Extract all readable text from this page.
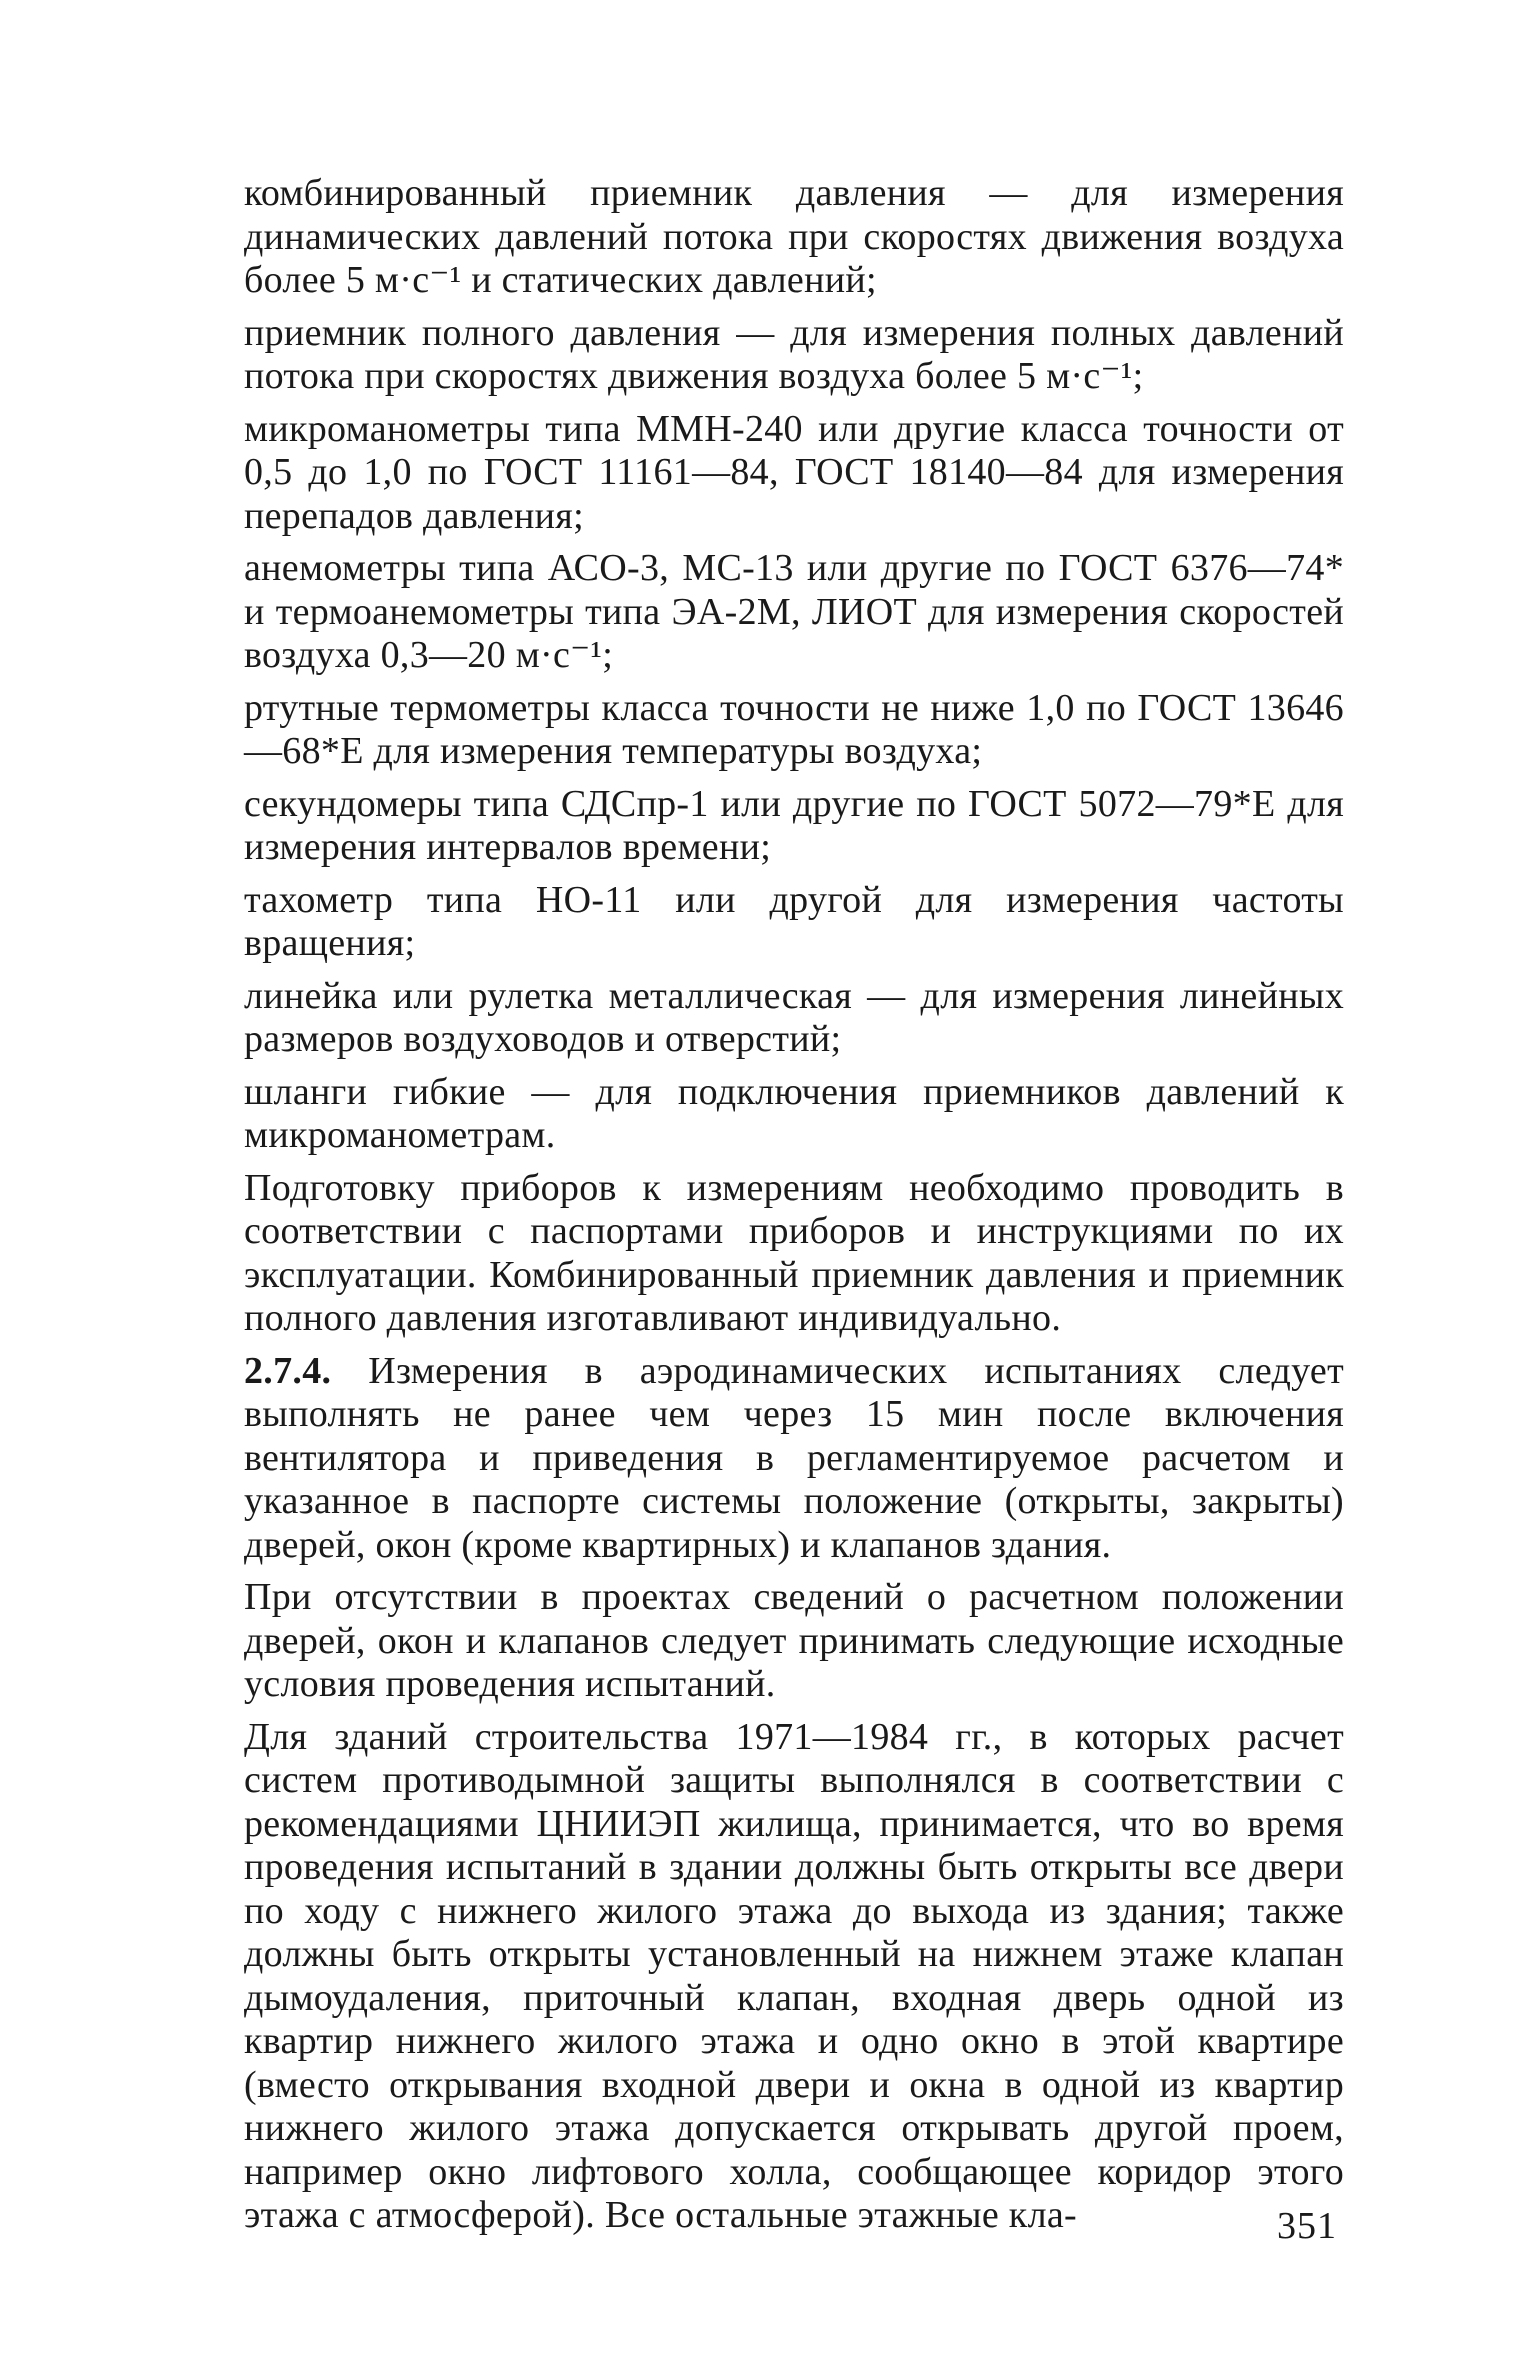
комбинированный приемник давления — для измерения динамических давлений потока при скоростях движения воздуха более 5 м·с⁻¹ и статических давлений;

приемник полного давления — для измерения полных давлений потока при скоростях движения воздуха более 5 м·с⁻¹;

микроманометры типа ММН-240 или другие класса точности от 0,5 до 1,0 по ГОСТ 11161—84, ГОСТ 18140—84 для измерения перепадов давления;

анемометры типа АСО-3, МС-13 или другие по ГОСТ 6376—74* и термоанемометры типа ЭА-2М, ЛИОТ для измерения скоростей воздуха 0,3—20 м·с⁻¹;

ртутные термометры класса точности не ниже 1,0 по ГОСТ 13646—68*Е для измерения температуры воздуха;

секундомеры типа СДСпр-1 или другие по ГОСТ 5072—79*Е для измерения интервалов времени;

тахометр типа НО-11 или другой для измерения частоты вращения;

линейка или рулетка металлическая — для измерения линейных размеров воздуховодов и отверстий;

шланги гибкие — для подключения приемников давлений к микроманометрам.

Подготовку приборов к измерениям необходимо проводить в соответствии с паспортами приборов и инструкциями по их эксплуатации. Комбинированный приемник давления и приемник полного давления изготавливают индивидуально.

2.7.4. Измерения в аэродинамических испытаниях следует выполнять не ранее чем через 15 мин после включения вентилятора и приведения в регламентируемое расчетом и указанное в паспорте системы положение (открыты, закрыты) дверей, окон (кроме квартирных) и клапанов здания.

При отсутствии в проектах сведений о расчетном положении дверей, окон и клапанов следует принимать следующие исходные условия проведения испытаний.

Для зданий строительства 1971—1984 гг., в которых расчет систем противодымной защиты выполнялся в соответствии с рекомендациями ЦНИИЭП жилища, принимается, что во время проведения испытаний в здании должны быть открыты все двери по ходу с нижнего жилого этажа до выхода из здания; также должны быть открыты установленный на нижнем этаже клапан дымоудаления, приточный клапан, входная дверь одной из квартир нижнего жилого этажа и одно окно в этой квартире (вместо открывания входной двери и окна в одной из квартир нижнего жилого этажа допускается открывать другой проем, например окно лифтового холла, сообщающее коридор этого этажа с атмосферой). Все остальные этажные кла-	351
